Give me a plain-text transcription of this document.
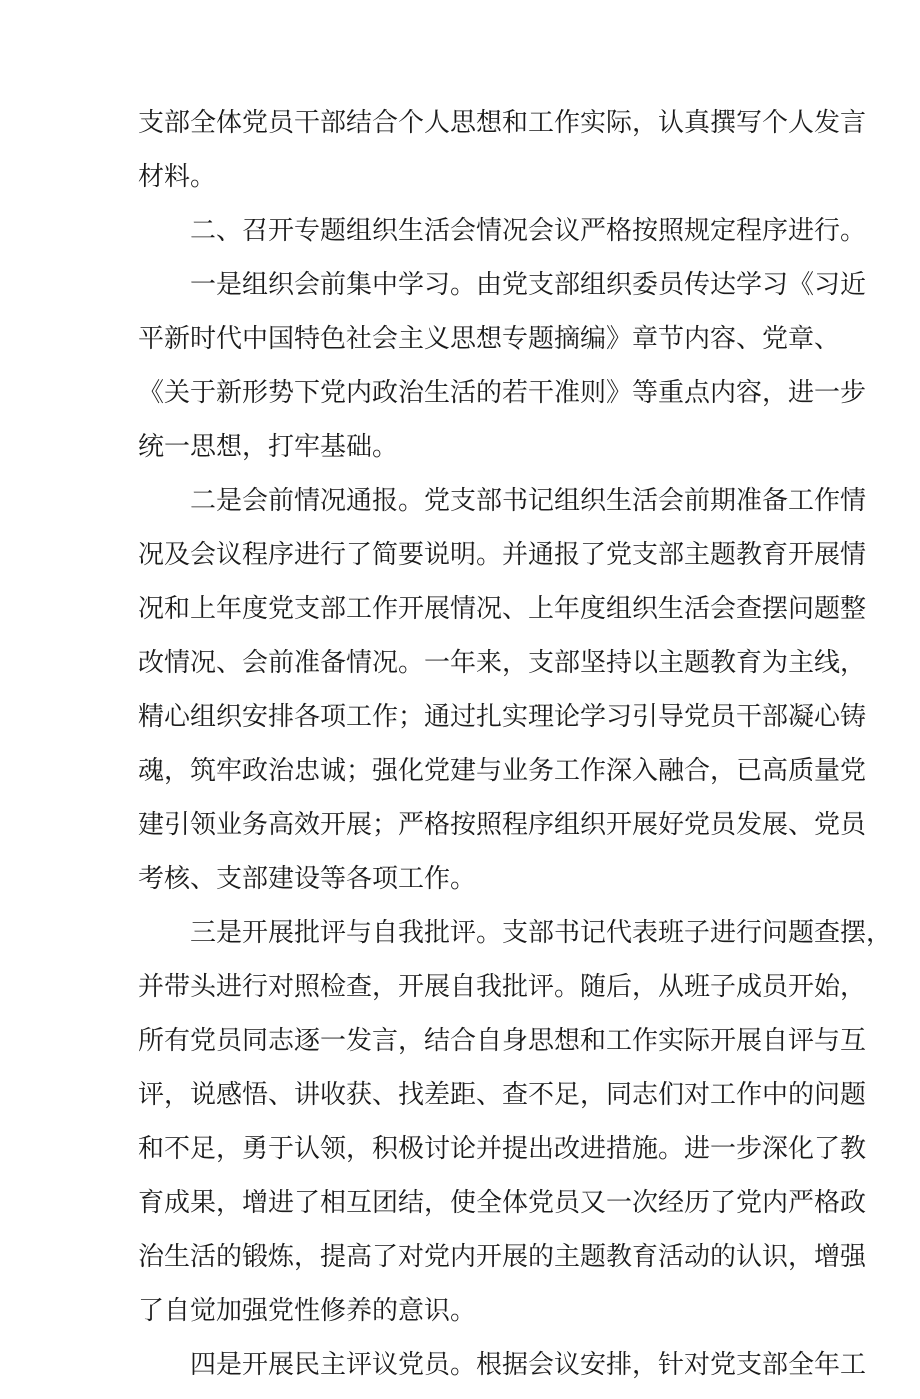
支部全体党员干部结合个人思想和工作实际，认真撰写个人发言
材料。
二、召开专题组织生活会情况会议严格按照规定程序进行。
一是组织会前集中学习。由党支部组织委员传达学习《习近
平新时代中国特色社会主义思想专题摘编》章节内容、党章、
《关于新形势下党内政治生活的若干准则》等重点内容，进一步
统一思想，打牢基础。
二是会前情况通报。党支部书记组织生活会前期准备工作情
况及会议程序进行了简要说明。并通报了党支部主题教育开展情
况和上年度党支部工作开展情况、上年度组织生活会查摆问题整
改情况、会前准备情况。一年来，支部坚持以主题教育为主线，
精心组织安排各项工作；通过扎实理论学习引导党员干部凝心铸
魂，筑牢政治忠诚；强化党建与业务工作深入融合，已高质量党
建引领业务高效开展；严格按照程序组织开展好党员发展、党员
考核、支部建设等各项工作。
三是开展批评与自我批评。支部书记代表班子进行问题查摆，
并带头进行对照检查，开展自我批评。随后，从班子成员开始，
所有党员同志逐一发言，结合自身思想和工作实际开展自评与互
评，说感悟、讲收获、找差距、查不足，同志们对工作中的问题
和不足，勇于认领，积极讨论并提出改进措施。进一步深化了教
育成果，增进了相互团结，使全体党员又一次经历了党内严格政
治生活的锻炼，提高了对党内开展的主题教育活动的认识，增强
了自觉加强党性修养的意识。
四是开展民主评议党员。根据会议安排，针对党支部全年工
